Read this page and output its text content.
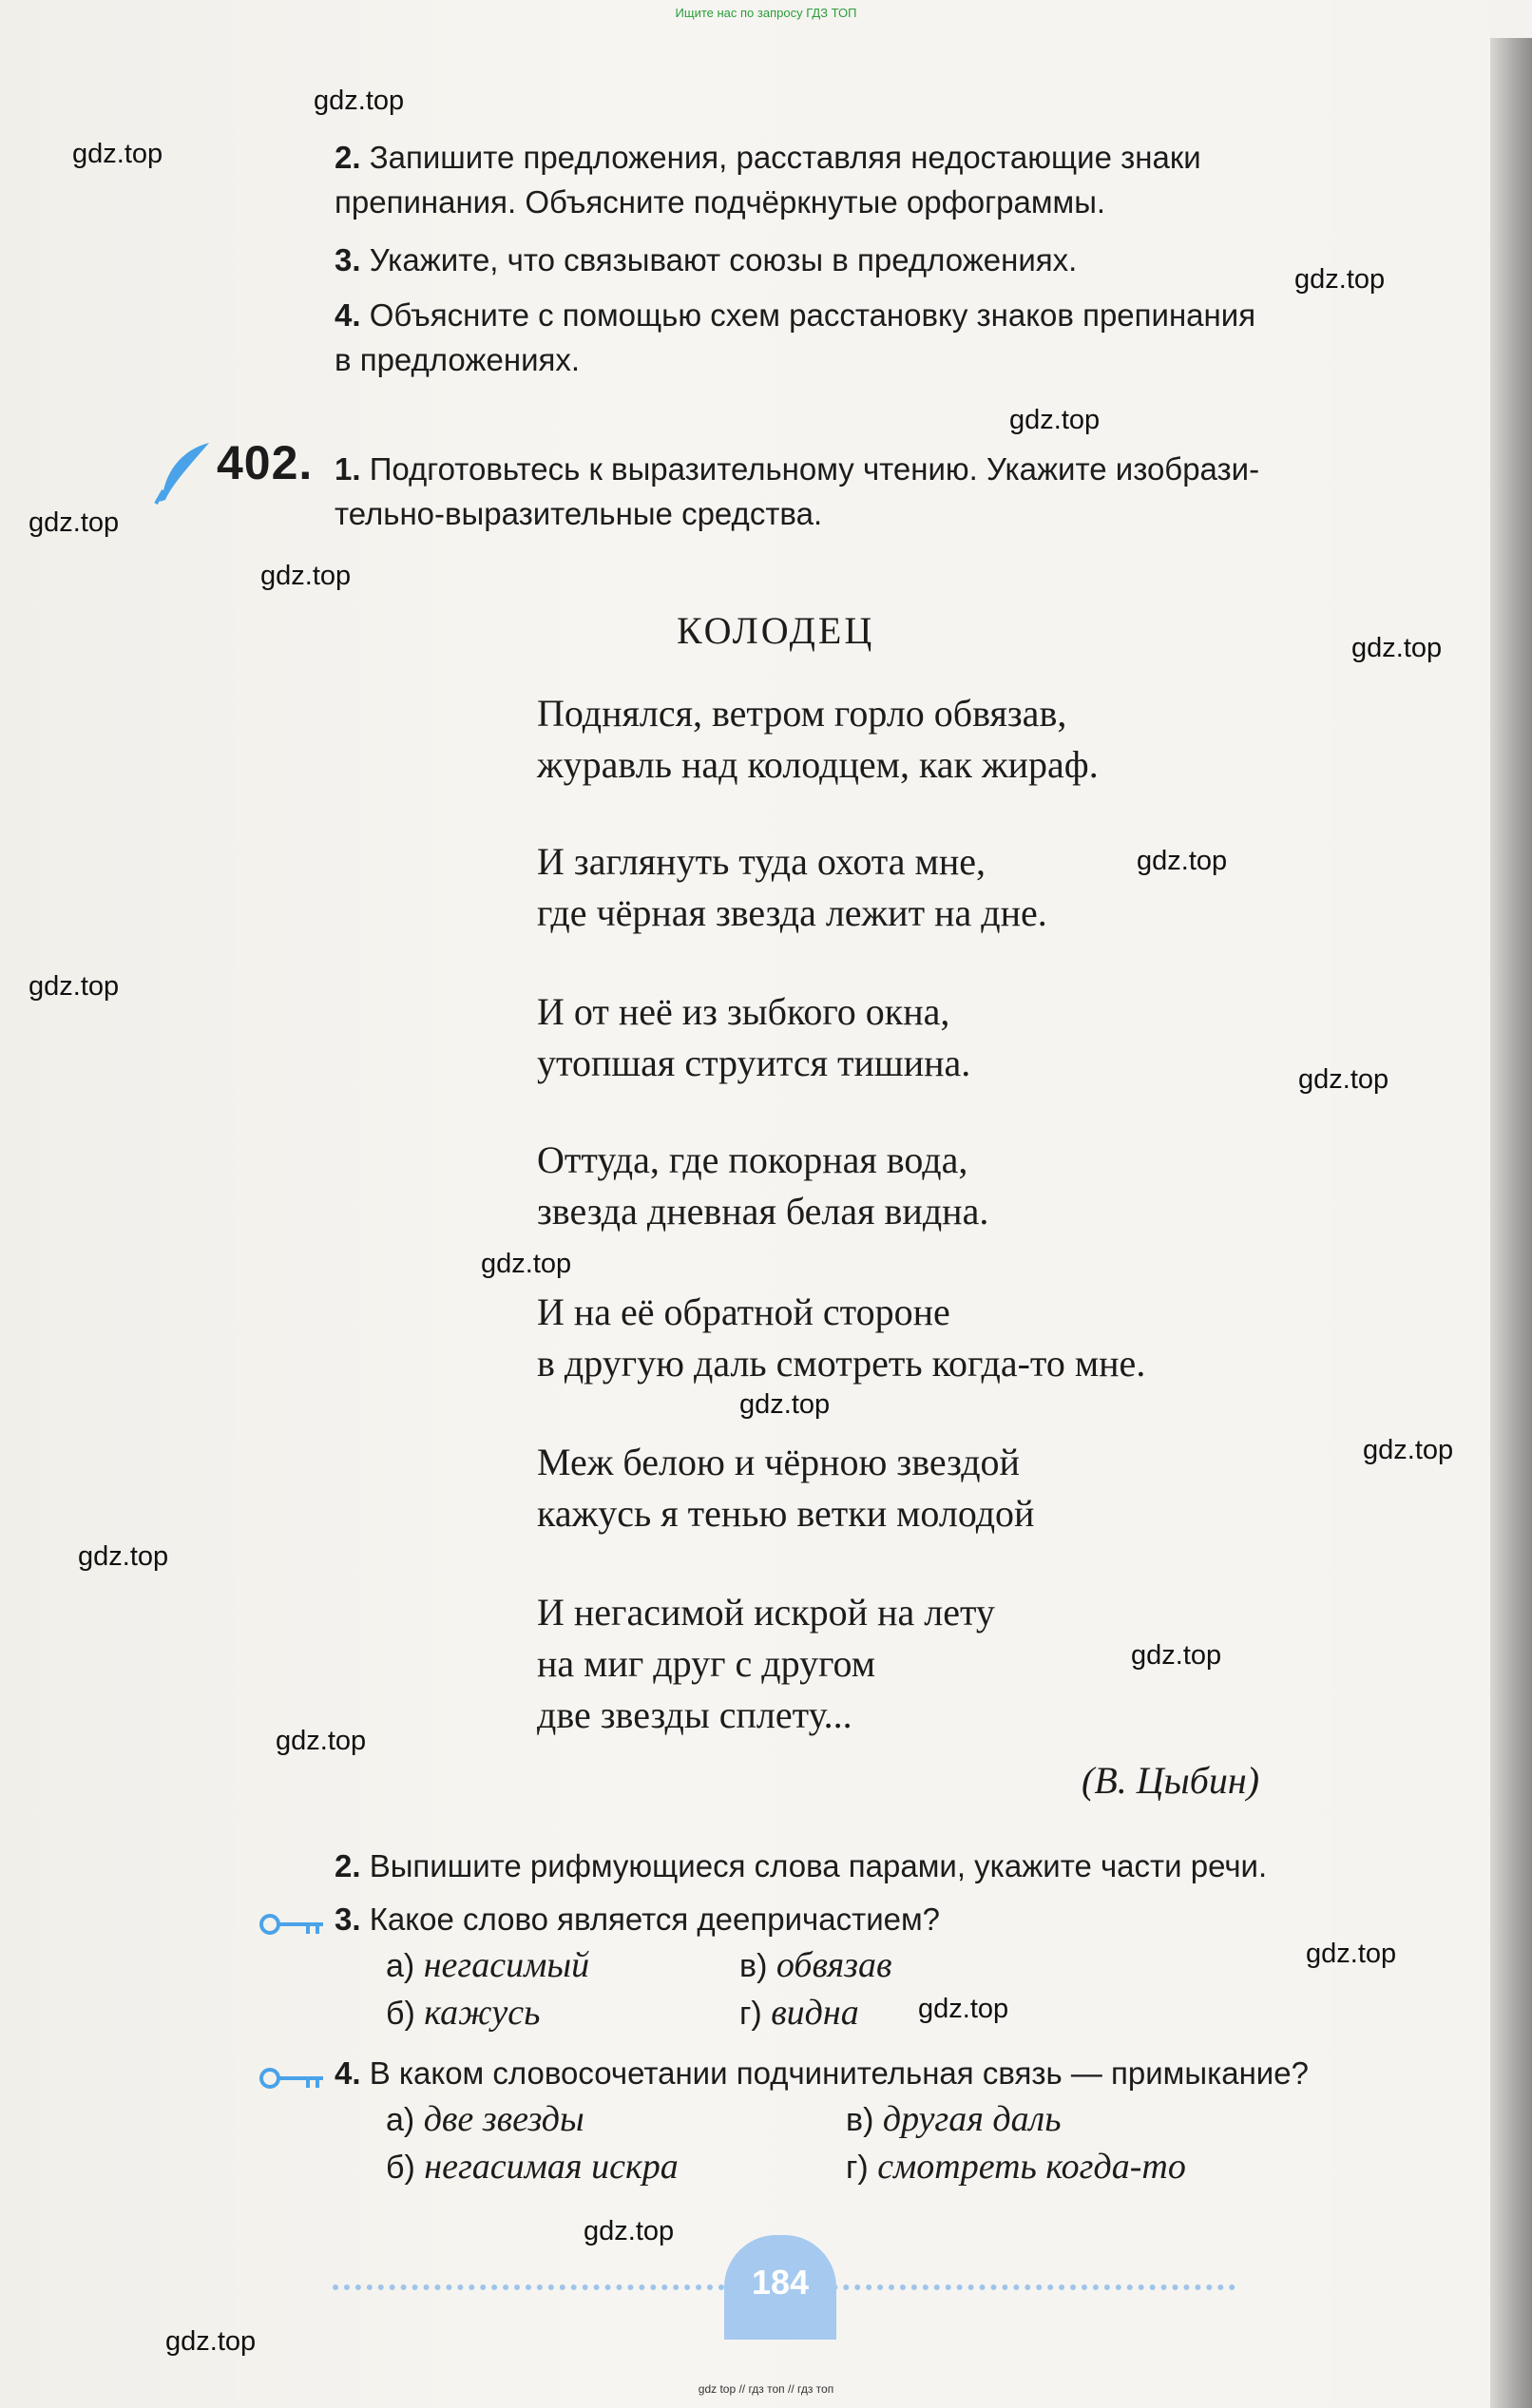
Ищите нас по запросу ГДЗ ТОП
2. Запишите предложения, расставляя недостающие знаки
препинания. Объясните подчёркнутые орфограммы.
3. Укажите, что связывают союзы в предложениях.
4. Объясните с помощью схем расстановку знаков препинания
в предложениях.
402. 1. Подготовьтесь к выразительному чтению. Укажите изобрази-
тельно-выразительные средства.
КОЛОДЕЦ
Поднялся, ветром горло обвязав,
журавль над колодцем, как жираф.
И заглянуть туда охота мне,
где чёрная звезда лежит на дне.
И от неё из зыбкого окна,
утопшая струится тишина.
Оттуда, где покорная вода,
звезда дневная белая видна.
И на её обратной стороне
в другую даль смотреть когда-то мне.
Меж белою и чёрною звездой
кажусь я тенью ветки молодой
И негасимой искрой на лету
на миг друг с другом
две звезды сплету...
(В. Цыбин)
2. Выпишите рифмующиеся слова парами, укажите части речи.
3. Какое слово является деепричастием?
а) негасимый	в) обвязав
б) кажусь	г) видна
4. В каком словосочетании подчинительная связь — примыкание?
а) две звезды	в) другая даль
б) негасимая искра	г) смотреть когда-то
184
gdz.top
gdz.top
gdz.top
gdz.top
gdz.top
gdz.top
gdz.top
gdz.top
gdz.top
gdz.top
gdz.top
gdz.top
gdz.top
gdz.top
gdz.top
gdz.top
gdz.top
gdz.top
gdz.top
gdz.top
gdz top // гдз топ // гдз топ
